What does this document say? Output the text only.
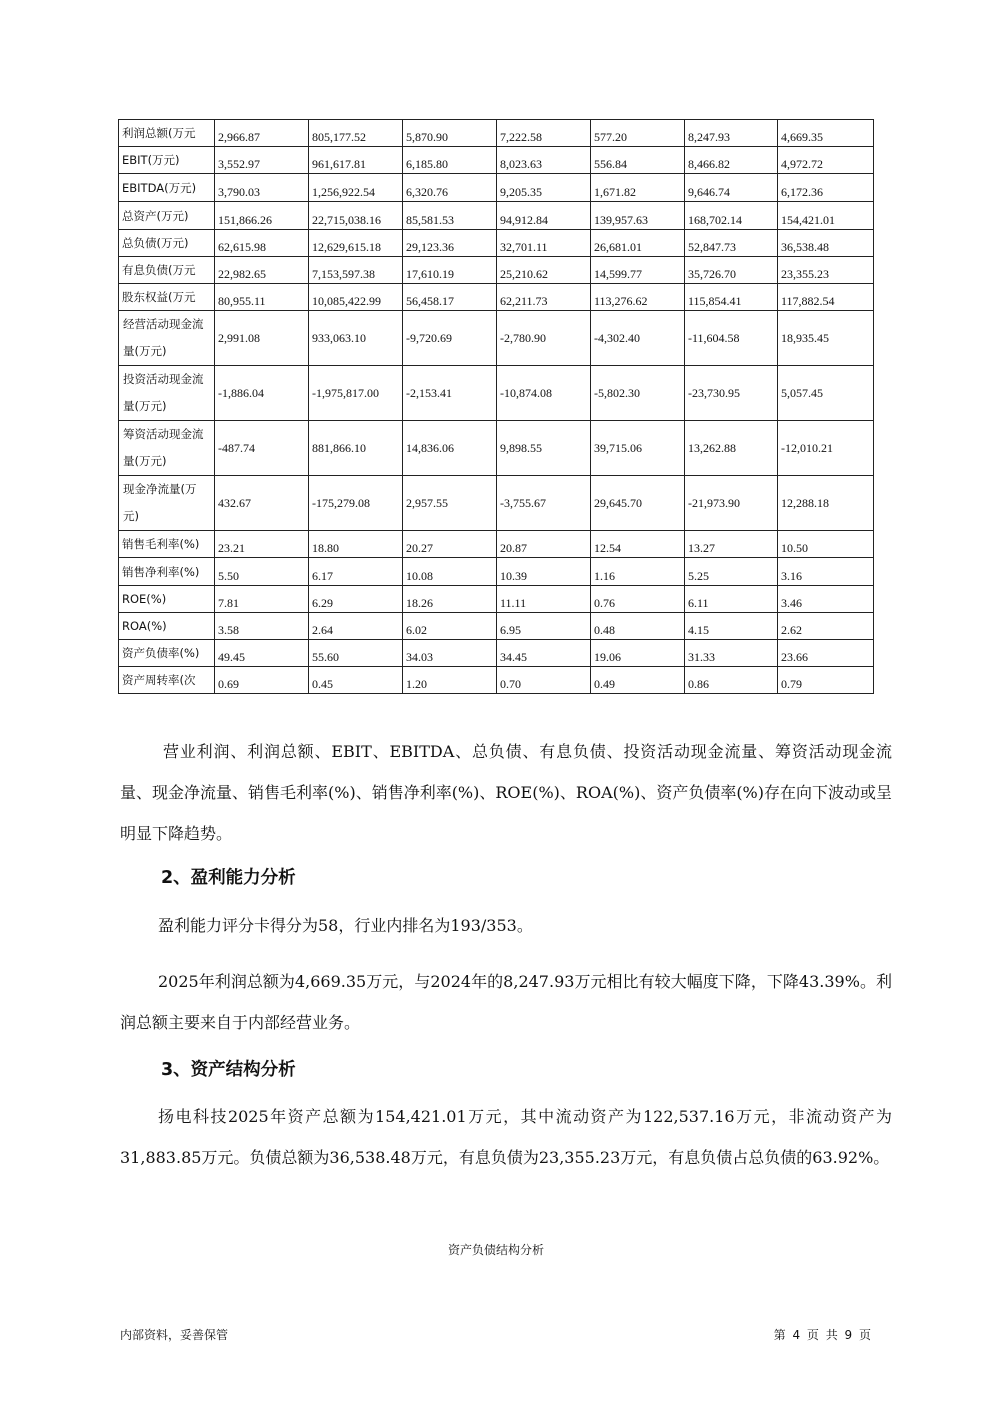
利润总额(万元	2,966.87	805,177.52	5,870.90	7,222.58	577.20	8,247.93	4,669.35
EBIT(万元)	3,552.97	961,617.81	6,185.80	8,023.63	556.84	8,466.82	4,972.72
EBITDA(万元)	3,790.03	1,256,922.54	6,320.76	9,205.35	1,671.82	9,646.74	6,172.36
总资产(万元)	151,866.26	22,715,038.16	85,581.53	94,912.84	139,957.63	168,702.14	154,421.01
总负债(万元)	62,615.98	12,629,615.18	29,123.36	32,701.11	26,681.01	52,847.73	36,538.48
有息负债(万元	22,982.65	7,153,597.38	17,610.19	25,210.62	14,599.77	35,726.70	23,355.23
股东权益(万元	80,955.11	10,085,422.99	56,458.17	62,211.73	113,276.62	115,854.41	117,882.54
经营活动现金流量(万元)	2,991.08	933,063.10	-9,720.69	-2,780.90	-4,302.40	-11,604.58	18,935.45
投资活动现金流量(万元)	-1,886.04	-1,975,817.00	-2,153.41	-10,874.08	-5,802.30	-23,730.95	5,057.45
筹资活动现金流量(万元)	-487.74	881,866.10	14,836.06	9,898.55	39,715.06	13,262.88	-12,010.21
现金净流量(万元)	432.67	-175,279.08	2,957.55	-3,755.67	29,645.70	-21,973.90	12,288.18
销售毛利率(%)	23.21	18.80	20.27	20.87	12.54	13.27	10.50
销售净利率(%)	5.50	6.17	10.08	10.39	1.16	5.25	3.16
ROE(%)	7.81	6.29	18.26	11.11	0.76	6.11	3.46
ROA(%)	3.58	2.64	6.02	6.95	0.48	4.15	2.62
资产负债率(%)	49.45	55.60	34.03	34.45	19.06	31.33	23.66
资产周转率(次	0.69	0.45	1.20	0.70	0.49	0.86	0.79

营业利润、利润总额、EBIT、EBITDA、总负债、有息负债、投资活动现金流量、筹资活动现金流量、现金净流量、销售毛利率(%)、销售净利率(%)、ROE(%)、ROA(%)、资产负债率(%)存在向下波动或呈明显下降趋势。

2、盈利能力分析

盈利能力评分卡得分为58，行业内排名为193/353。

2025年利润总额为4,669.35万元，与2024年的8,247.93万元相比有较大幅度下降，下降43.39%。利润总额主要来自于内部经营业务。

3、资产结构分析

扬电科技2025年资产总额为154,421.01万元，其中流动资产为122,537.16万元，非流动资产为31,883.85万元。负债总额为36,538.48万元，有息负债为23,355.23万元，有息负债占总负债的63.92%。

资产负债结构分析
内部资料，妥善保管	第 4 页 共 9 页
